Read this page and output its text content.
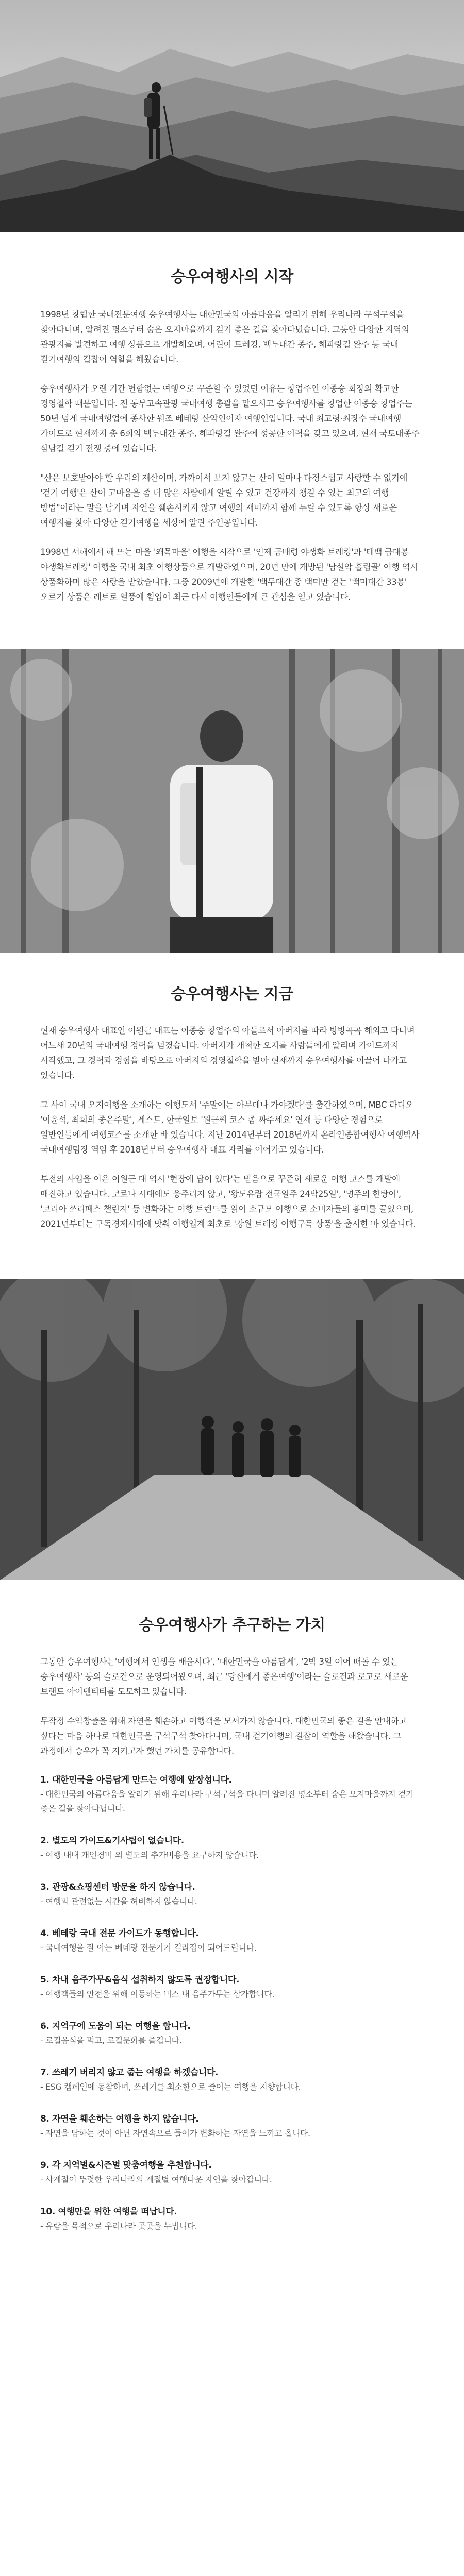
승우여행사의 시작

1998년 창립한 국내전문여행 승우여행사는 대한민국의 아름다움을 알리기 위해 우리나라 구석구석을 찾아다니며, 알려진 명소부터 숨은 오지마을까지 걷기 좋은 길을 찾아다녔습니다. 그동안 다양한 지역의 관광지를 발견하고 여행 상품으로 개발해오며, 어린이 트레킹, 백두대간 종주, 해파랑길 완주 등 국내 걷기여행의 길잡이 역할을 해왔습니다.

승우여행사가 오랜 기간 변함없는 여행으로 꾸준할 수 있었던 이유는 창업주인 이종승 회장의 확고한 경영철학 때문입니다. 전 동부고속관광 국내여행 총괄을 맡으시고 승우여행사를 창업한 이종승 창업주는 50년 넘게 국내여행업에 종사한 원조 베테랑 산악인이자 여행인입니다. 국내 최고령·최장수 국내여행 가이드로 현재까지 총 6회의 백두대간 종주, 해파랑길 완주에 성공한 이력을 갖고 있으며, 현재 국토대종주 삼남길 걷기 전쟁 중에 있습니다.

"산은 보호받아야 할 우리의 재산이며, 가까이서 보지 않고는 산이 얼마나 다정스럽고 사랑할 수 없기에 '걷기 여행'은 산이 고마움을 좀 더 많은 사람에게 알릴 수 있고 건강까지 챙길 수 있는 최고의 여행 방법"이라는 말을 남기며 자연을 훼손시키지 않고 여행의 재미까지 함께 누릴 수 있도록 항상 새로운 여행지를 찾아 다양한 걷기여행을 세상에 알린 주인공입니다.

1998년 서해에서 해 뜨는 마을 '왜목마을' 여행을 시작으로 '인제 곰배령 야생화 트레킹'과 '태백 금대봉 야생화트레킹' 여행을 국내 최초 여행상품으로 개발하였으며, 20년 만에 개방된 '남설악 흘림골' 여행 역시 상품화하며 많은 사랑을 받았습니다. 그중 2009년에 개발한 '백두대간 종 백미만 걷는 '백미대간 33봉' 오르기 상품은 레트로 열풍에 힘입어 최근 다시 여행인들에게 큰 관심을 얻고 있습니다.

승우여행사는 지금

현재 승우여행사 대표인 이원근 대표는 이종승 창업주의 아들로서 아버지를 따라 방방곡곡 해외고 다니며 어느새 20년의 국내여행 경력을 넘겼습니다. 아버지가 개척한 오지를 사람들에게 알리며 가이드까지 시작했고, 그 경력과 경험을 바탕으로 아버지의 경영철학을 받아 현재까지 승우여행사를 이끌어 나가고 있습니다.

그 사이 국내 오지여행을 소개하는 여행도서 '주말에는 아무데나 가야겠다'를 출간하였으며, MBC 라디오 '이윤석, 최희의 좋은주말', 게스트, 한국일보 '원근씨 코스 좀 짜주세요' 연재 등 다양한 경험으로 일반인들에게 여행코스를 소개한 바 있습니다. 지난 2014년부터 2018년까지 온라인종합여행사 여행박사 국내여행팀장 역임 후 2018년부터 승우여행사 대표 자리를 이어가고 있습니다.

부전의 사업을 이은 이원근 대 역시 '현장에 답이 있다'는 믿음으로 꾸준히 새로운 여행 코스를 개발에 매진하고 있습니다. 코로나 시대에도 웅주리지 않고, '왕도유람 전국일주 24박25일', '명주의 한탕여', '코리아 쓰리패스 챌린지' 등 변화하는 여행 트렌드를 읽어 소규모 여행으로 소비자들의 흥미를 끌었으며, 2021년부터는 구독경제시대에 맞춰 여행업계 최초로 '강원 트레킹 여행구독 상품'을 출시한 바 있습니다.

승우여행사가 추구하는 가치

그동안 승우여행사는'여행에서 인생을 배웁시다', '대한민국을 아름답게', '2박 3일 이어 떠돌 수 있는 승우여행사' 등의 슬로건으로 운영되어왔으며, 최근 '당신에게 좋은여행'이라는 슬로건과 로고로 새로운 브랜드 아이덴티티를 도모하고 있습니다.

무작정 수익창출을 위해 자연을 훼손하고 여행객을 모셔가지 않습니다. 대한민국의 좋은 길을 안내하고 싶다는 마음 하나로 대한민국을 구석구석 찾아다니며, 국내 걷기여행의 길잡이 역할을 해왔습니다. 그 과정에서 승우가 꼭 지키고자 했던 가치를 공유합니다.

1. 대한민국을 아름답게 만드는 여행에 앞장섭니다.
- 대한민국의 아름다움을 알리기 위해 우리나라 구석구석을 다니며 알려진 명소부터 숨은 오지마을까지 걷기 좋은 길을 찾아다닙니다.
2. 별도의 가이드&기사팁이 없습니다.
- 여행 내내 개인경비 외 별도의 추가비용을 요구하지 않습니다.
3. 관광&쇼핑센터 방문을 하지 않습니다.
- 여행과 관련없는 시간을 허비하지 않습니다.
4. 베테랑 국내 전문 가이드가 동행합니다.
- 국내여행을 잘 아는 베테랑 전문가가 길라잡이 되어드립니다.
5. 차내 음주가무&음식 섭취하지 않도록 권장합니다.
- 여행객들의 안전을 위해 이동하는 버스 내 음주가무는 삼가합니다.
6. 지역구에 도움이 되는 여행을 합니다.
- 로컬음식을 먹고, 로컬문화를 즐깁니다.
7. 쓰레기 버리지 않고 줍는 여행을 하겠습니다.
- ESG 캠페인에 동참하며, 쓰레기를 최소한으로 줄이는 여행을 지향합니다.
8. 자연을 훼손하는 여행을 하지 않습니다.
- 자연을 담하는 것이 아닌 자연속으로 들어가 변화하는 자연을 느끼고 옵니다.
9. 각 지역별&시즌별 맞춤여행을 추천합니다.
- 사계절이 뚜렷한 우리나라의 계절별 여행다운 자연을 찾아갑니다.
10. 여행만을 위한 여행을 떠납니다.
- 유람을 목적으로 우리나라 곳곳을 누빕니다.
